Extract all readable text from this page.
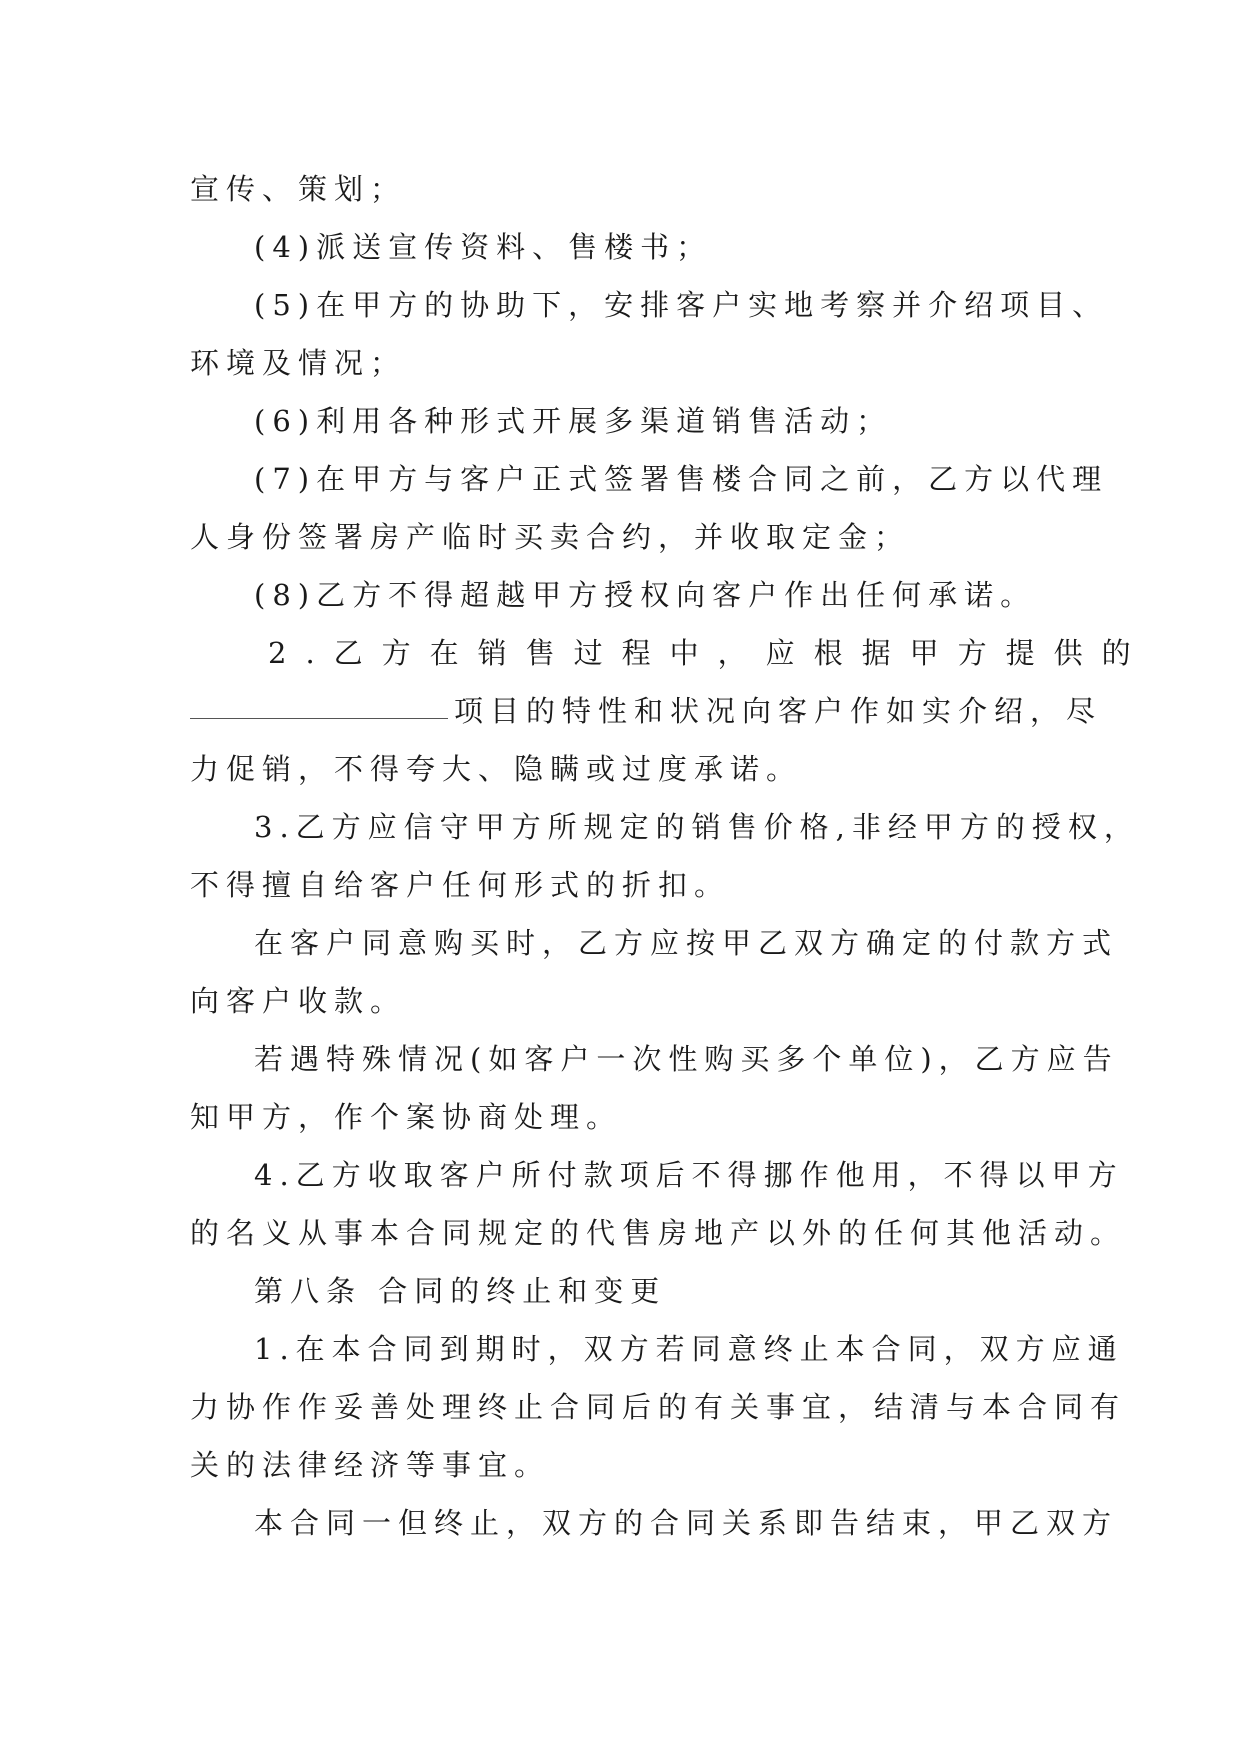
宣传、策划；
(4)派送宣传资料、售楼书；
(5)在甲方的协助下，安排客户实地考察并介绍项目、
环境及情况；
(6)利用各种形式开展多渠道销售活动；
(7)在甲方与客户正式签署售楼合同之前，乙方以代理
人身份签署房产临时买卖合约，并收取定金；
(8)乙方不得超越甲方授权向客户作出任何承诺。
2.乙方在销售过程中，应根据甲方提供的
项目的特性和状况向客户作如实介绍，尽
力促销，不得夸大、隐瞒或过度承诺。
3.乙方应信守甲方所规定的销售价格,非经甲方的授权，
不得擅自给客户任何形式的折扣。
在客户同意购买时，乙方应按甲乙双方确定的付款方式
向客户收款。
若遇特殊情况(如客户一次性购买多个单位)，乙方应告
知甲方，作个案协商处理。
4.乙方收取客户所付款项后不得挪作他用，不得以甲方
的名义从事本合同规定的代售房地产以外的任何其他活动。
第八条 合同的终止和变更
1.在本合同到期时，双方若同意终止本合同，双方应通
力协作作妥善处理终止合同后的有关事宜，结清与本合同有
关的法律经济等事宜。
本合同一但终止，双方的合同关系即告结束，甲乙双方
